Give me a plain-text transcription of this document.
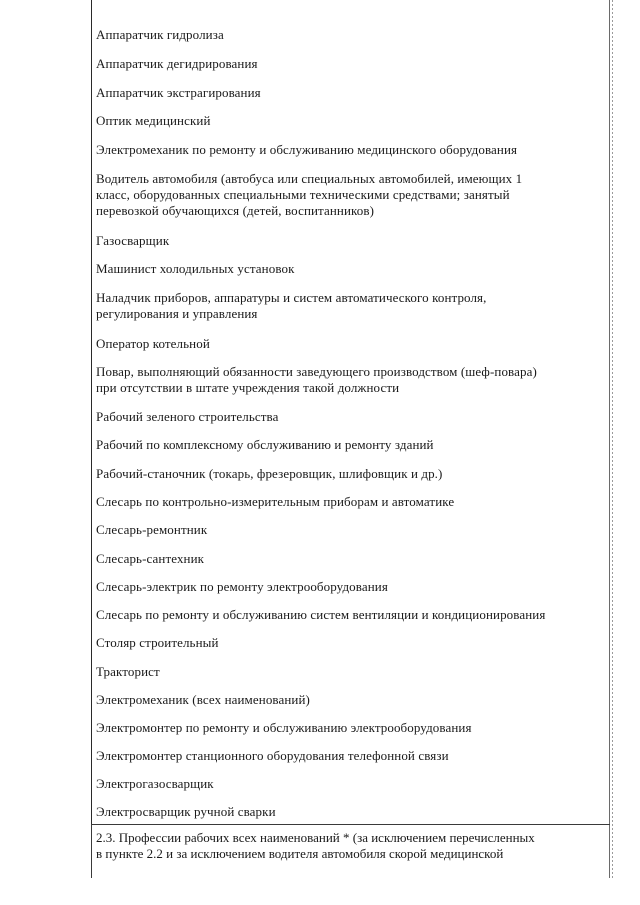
Аппаратчик гидролиза
Аппаратчик дегидрирования
Аппаратчик экстрагирования
Оптик медицинский
Электромеханик по ремонту и обслуживанию медицинского оборудования
Водитель автомобиля (автобуса или специальных автомобилей, имеющих 1
класс, оборудованных специальными техническими средствами; занятый
перевозкой обучающихся (детей, воспитанников)
Газосварщик
Машинист холодильных установок
Наладчик приборов, аппаратуры и систем автоматического контроля,
регулирования и управления
Оператор котельной
Повар, выполняющий обязанности заведующего производством (шеф-повара)
при отсутствии в штате учреждения такой должности
Рабочий зеленого строительства
Рабочий по комплексному обслуживанию и ремонту зданий
Рабочий-станочник (токарь, фрезеровщик, шлифовщик и др.)
Слесарь по контрольно-измерительным приборам и автоматике
Слесарь-ремонтник
Слесарь-сантехник
Слесарь-электрик по ремонту электрооборудования
Слесарь по ремонту и обслуживанию систем вентиляции и кондиционирования
Столяр строительный
Тракторист
Электромеханик (всех наименований)
Электромонтер по ремонту и обслуживанию электрооборудования
Электромонтер станционного оборудования телефонной связи
Электрогазосварщик
Электросварщик ручной сварки
2.3. Профессии рабочих всех наименований * (за исключением перечисленных
в пункте 2.2 и за исключением водителя автомобиля скорой медицинской
